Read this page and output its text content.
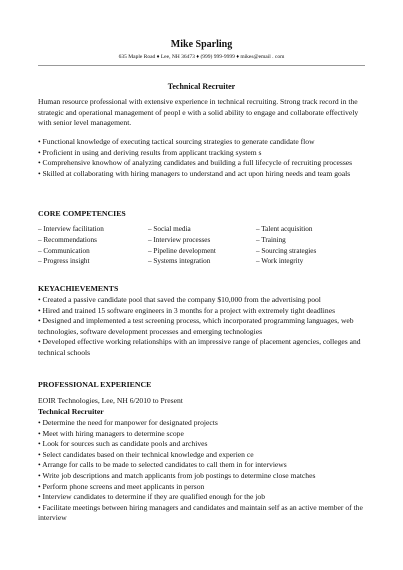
Mike Sparling
635 Maple Road ♦ Lee, NH 36473 ♦ (999) 999-9999 ♦ mikes@email . com
Technical Recruiter
Human resource professional with extensive experience in technical recruiting. Strong track record in the strategic and operational management of peopl e with a solid ability to engage and collaborate effectively with senior level management.
• Functional knowledge of executing tactical sourcing strategies to generate candidate flow
• Proficient in using and deriving results from applicant tracking system s
• Comprehensive knowhow of analyzing candidates and building a full lifecycle of recruiting processes
• Skilled at collaborating with hiring managers to understand and act upon hiring needs and team goals
CORE COMPETENCIES
– Interview facilitation
– Recommendations
– Communication
– Progress insight
– Social media
– Interview processes
– Pipeline development
– Systems integration
– Talent acquisition
– Training
– Sourcing strategies
– Work integrity
KEYACHIEVEMENTS
• Created a passive candidate pool that saved the company $10,000 from the advertising pool
• Hired and trained 15 software engineers in 3 months for a project with extremely tight deadlines
• Designed and implemented a test screening process, which incorporated programming languages, web technologies, software development processes and emerging technologies
• Developed effective working relationships with an impressive range of placement agencies, colleges and technical schools
PROFESSIONAL EXPERIENCE
EOIR Technologies, Lee, NH 6/2010 to Present
Technical Recruiter
• Determine the need for manpower for designated projects
• Meet with hiring managers to determine scope
• Look for sources such as candidate pools and archives
• Select candidates based on their technical knowledge and experien ce
• Arrange for calls to be made to selected candidates to call them in for interviews
• Write job descriptions and match applicants from job postings to determine close matches
• Perform phone screens and meet applicants in person
• Interview candidates to determine if they are qualified enough for the job
• Facilitate meetings between hiring managers and candidates and maintain self as an active member of the interview
